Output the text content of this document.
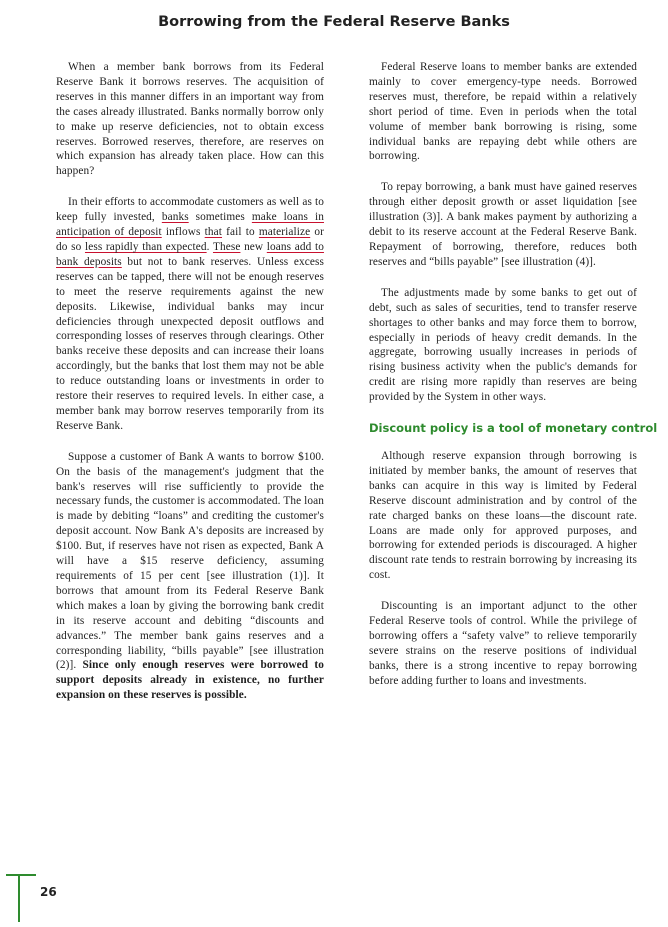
Borrowing from the Federal Reserve Banks

When a member bank borrows from its Federal Reserve Bank it borrows reserves. The acquisition of reserves in this manner differs in an important way from the cases already illustrated. Banks normally borrow only to make up reserve deficiencies, not to obtain excess reserves. Borrowed reserves, therefore, are reserves on which expansion has already taken place. How can this happen?

In their efforts to accommodate customers as well as to keep fully invested, banks sometimes make loans in anticipation of deposit inflows that fail to materialize or do so less rapidly than expected. These new loans add to bank deposits but not to bank reserves. Unless excess reserves can be tapped, there will not be enough reserves to meet the reserve requirements against the new deposits. Likewise, individual banks may incur deficiencies through unexpected deposit outflows and corresponding losses of reserves through clearings. Other banks receive these deposits and can increase their loans accordingly, but the banks that lost them may not be able to reduce outstanding loans or investments in order to restore their reserves to required levels. In either case, a member bank may borrow reserves temporarily from its Reserve Bank.

Suppose a customer of Bank A wants to borrow $100. On the basis of the management's judgment that the bank's reserves will rise sufficiently to provide the necessary funds, the customer is accommodated. The loan is made by debiting “loans” and crediting the customer's deposit account. Now Bank A's deposits are increased by $100. But, if reserves have not risen as expected, Bank A will have a $15 reserve deficiency, assuming requirements of 15 per cent [see illustration (1)]. It borrows that amount from its Federal Reserve Bank which makes a loan by giving the borrowing bank credit in its reserve account and debiting “discounts and advances.” The member bank gains reserves and a corresponding liability, “bills payable” [see illustration (2)]. Since only enough reserves were borrowed to support deposits already in existence, no further expansion on these reserves is possible.

Federal Reserve loans to member banks are extended mainly to cover emergency-type needs. Borrowed reserves must, therefore, be repaid within a relatively short period of time. Even in periods when the total volume of member bank borrowing is rising, some individual banks are repaying debt while others are borrowing.

To repay borrowing, a bank must have gained reserves through either deposit growth or asset liquidation [see illustration (3)]. A bank makes payment by authorizing a debit to its reserve account at the Federal Reserve Bank. Repayment of borrowing, therefore, reduces both reserves and “bills payable” [see illustration (4)].

The adjustments made by some banks to get out of debt, such as sales of securities, tend to transfer reserve shortages to other banks and may force them to borrow, especially in periods of heavy credit demands. In the aggregate, borrowing usually increases in periods of rising business activity when the public's demands for credit are rising more rapidly than reserves are being provided by the System in other ways.

Discount policy is a tool of monetary control

Although reserve expansion through borrowing is initiated by member banks, the amount of reserves that banks can acquire in this way is limited by Federal Reserve discount administration and by control of the rate charged banks on these loans—the discount rate. Loans are made only for approved purposes, and borrowing for extended periods is discouraged. A higher discount rate tends to restrain borrowing by increasing its cost.

Discounting is an important adjunct to the other Federal Reserve tools of control. While the privilege of borrowing offers a “safety valve” to relieve temporarily severe strains on the reserve positions of individual banks, there is a strong incentive to repay borrowing before adding further to loans and investments.

26
